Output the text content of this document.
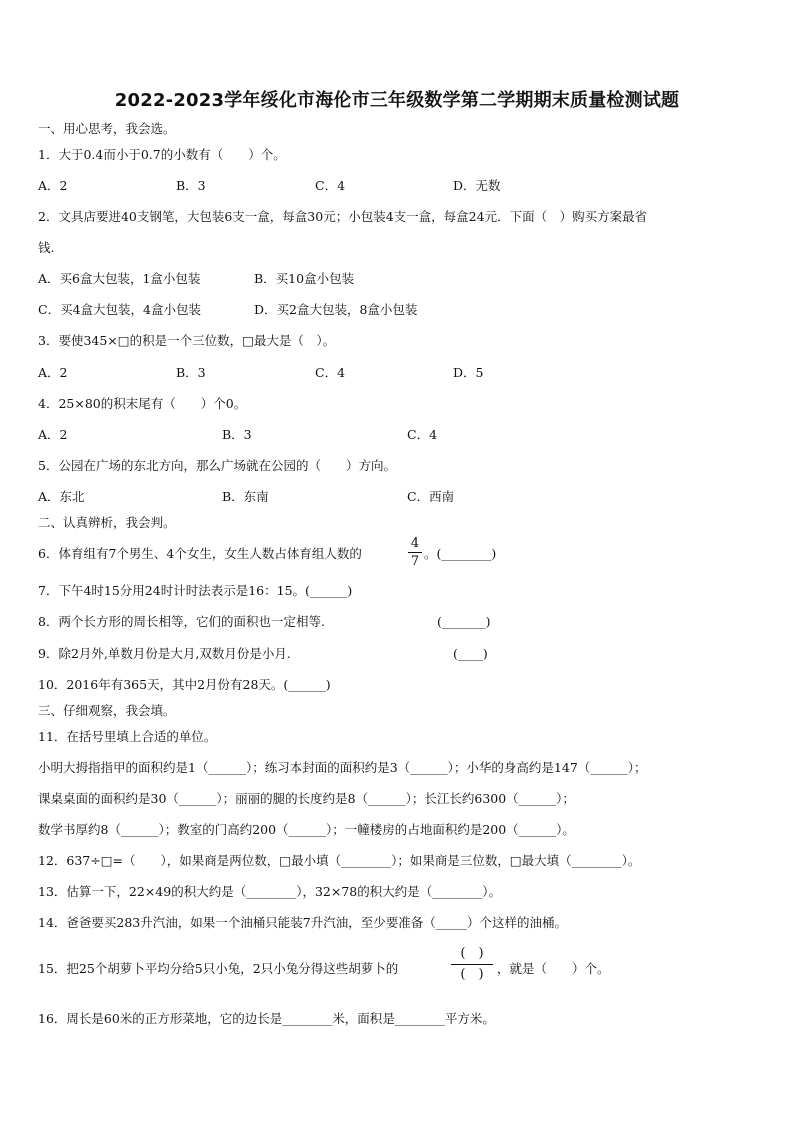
2022-2023学年绥化市海伦市三年级数学第二学期期末质量检测试题
一、用心思考，我会选。
1．大于0.4而小于0.7的小数有（　　）个。
A．2	B．3	C．4	D．无数
2．文具店要进40支钢笔，大包装6支一盒，每盒30元；小包装4支一盒，每盒24元．下面（　）购买方案最省
钱.
A．买6盒大包装，1盒小包装	B．买10盒小包装
C．买4盒大包装，4盒小包装	D．买2盒大包装，8盒小包装
3．要使345×□的积是一个三位数，□最大是（　）。
A．2	B．3	C．4	D．5
4．25×80的积末尾有（　　）个0。
A．2	B．3	C．4
5．公园在广场的东北方向，那么广场就在公园的（　　）方向。
A．东北	B．东南	C．西南
二、认真辨析，我会判。
6．体育组有7个男生、4个女生，女生人数占体育组人数的
4
7
。(________)
7．下午4时15分用24时计时法表示是16：15。(______)
8．两个长方形的周长相等，它们的面积也一定相等.	(_______)
9．除2月外,单数月份是大月,双数月份是小月.	(____)
10．2016年有365天，其中2月份有28天。(______)
三、仔细观察，我会填。
11．在括号里填上合适的单位。
小明大拇指指甲的面积约是1（______）；练习本封面的面积约是3（______）；小华的身高约是147（______）；
课桌桌面的面积约是30（______）；丽丽的腿的长度约是8（______）；长江长约6300（______）；
数学书厚约8（______）；教室的门高约200（______）；一幢楼房的占地面积约是200（______）。
12．637÷□=（　　），如果商是两位数，□最小填（________）；如果商是三位数，□最大填（________）。
13．估算一下，22×49的积大约是（________），32×78的积大约是（________）。
14．爸爸要买283升汽油，如果一个油桶只能装7升汽油，至少要准备（_____）个这样的油桶。
15．把25个胡萝卜平均分给5只小兔，2只小兔分得这些胡萝卜的
(　)
(　)	，就是（　　）个。
16．周长是60米的正方形菜地，它的边长是________米，面积是________平方米。
